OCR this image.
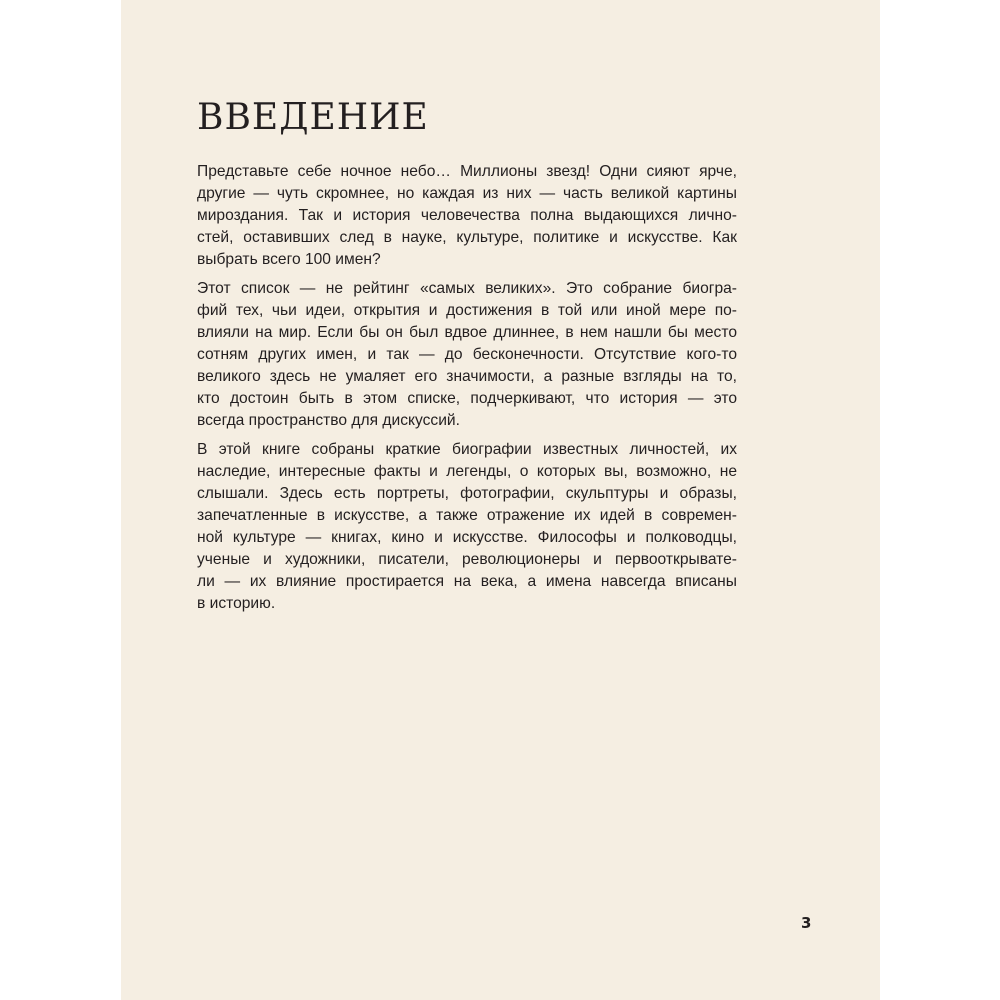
ВВЕДЕНИЕ

Представьте себе ночное небо… Миллионы звезд! Одни сияют ярче,
другие — чуть скромнее, но каждая из них — часть великой картины
мироздания. Так и история человечества полна выдающихся лично-
стей, оставивших след в науке, культуре, политике и искусстве. Как
выбрать всего 100 имен?

Этот список — не рейтинг «самых великих». Это собрание биогра-
фий тех, чьи идеи, открытия и достижения в той или иной мере по-
влияли на мир. Если бы он был вдвое длиннее, в нем нашли бы место
сотням других имен, и так — до бесконечности. Отсутствие кого-то
великого здесь не умаляет его значимости, а разные взгляды на то,
кто достоин быть в этом списке, подчеркивают, что история — это
всегда пространство для дискуссий.

В этой книге собраны краткие биографии известных личностей, их
наследие, интересные факты и легенды, о которых вы, возможно, не
слышали. Здесь есть портреты, фотографии, скульптуры и образы,
запечатленные в искусстве, а также отражение их идей в современ-
ной культуре — книгах, кино и искусстве. Философы и полководцы,
ученые и художники, писатели, революционеры и первооткрывате-
ли — их влияние простирается на века, а имена навсегда вписаны
в историю.

3
